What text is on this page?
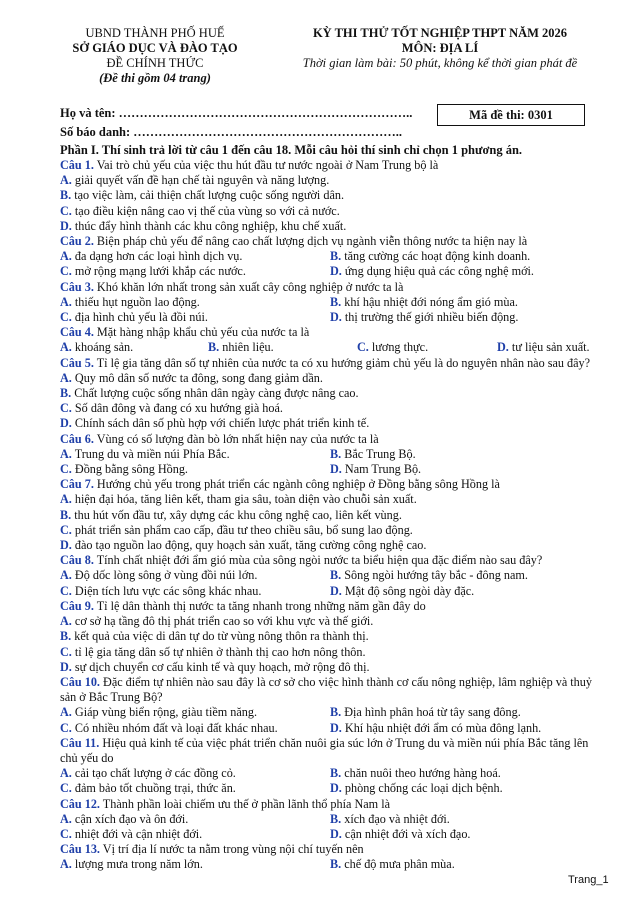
UBND THÀNH PHỐ HUẾ
SỞ GIÁO DỤC VÀ ĐÀO TẠO
ĐỀ CHÍNH THỨC
(Đề thi gồm 04 trang)
KỲ THI THỬ TỐT NGHIỆP THPT NĂM 2026
MÔN: ĐỊA LÍ
Thời gian làm bài: 50 phút, không kể thời gian phát đề
Họ và tên: ……………………………………………………………..
Số báo danh: ………………………………………………………..
Mã đề thi: 0301
Phần I. Thí sinh trả lời từ câu 1 đến câu 18. Mỗi câu hỏi thí sinh chỉ chọn 1 phương án.
Câu 1. Vai trò chủ yếu của việc thu hút đầu tư nước ngoài ở Nam Trung bộ là
A. giải quyết vấn đề hạn chế tài nguyên và năng lượng.
B. tạo việc làm, cải thiện chất lượng cuộc sống người dân.
C. tạo điều kiện nâng cao vị thế của vùng so với cả nước.
D. thúc đẩy hình thành các khu công nghiệp, khu chế xuất.
Câu 2. Biện pháp chủ yếu để nâng cao chất lượng dịch vụ ngành viễn thông nước ta hiện nay là
A. đa dạng hơn các loại hình dịch vụ.	B. tăng cường các hoạt động kinh doanh.
C. mở rộng mạng lưới khắp các nước.	D. ứng dụng hiệu quả các công nghệ mới.
Câu 3. Khó khăn lớn nhất trong sản xuất cây công nghiệp ở nước ta là
A. thiếu hụt nguồn lao động.	B. khí hậu nhiệt đới nóng ẩm gió mùa.
C. địa hình chủ yếu là đồi núi.	D. thị trường thế giới nhiều biến động.
Câu 4. Mặt hàng nhập khẩu chủ yếu của nước ta là
A. khoáng sản.	B. nhiên liệu.	C. lương thực.	D. tư liệu sản xuất.
Câu 5. Tỉ lệ gia tăng dân số tự nhiên của nước ta có xu hướng giảm chủ yếu là do nguyên nhân nào sau đây?
A. Quy mô dân số nước ta đông, song đang giảm dần.
B. Chất lượng cuộc sống nhân dân ngày càng được nâng cao.
C. Số dân đông và đang có xu hướng già hoá.
D. Chính sách dân số phù hợp với chiến lược phát triển kinh tế.
Câu 6. Vùng có số lượng đàn bò lớn nhất hiện nay của nước ta là
A. Trung du và miền núi Phía Bắc.	B. Bắc Trung Bộ.
C. Đồng bằng sông Hồng.	D. Nam Trung Bộ.
Câu 7. Hướng chủ yếu trong phát triển các ngành công nghiệp ở Đồng bằng sông Hồng là
A. hiện đại hóa, tăng liên kết, tham gia sâu, toàn diện vào chuỗi sản xuất.
B. thu hút vốn đầu tư, xây dựng các khu công nghệ cao, liên kết vùng.
C. phát triển sản phẩm cao cấp, đầu tư theo chiều sâu, bổ sung lao động.
D. đào tạo nguồn lao động, quy hoạch sản xuất, tăng cường công nghệ cao.
Câu 8. Tính chất nhiệt đới ẩm gió mùa của sông ngòi nước ta biểu hiện qua đặc điểm nào sau đây?
A. Độ dốc lòng sông ở vùng đồi núi lớn.	B. Sông ngòi hướng tây bắc - đông nam.
C. Diện tích lưu vực các sông khác nhau.	D. Mật độ sông ngòi dày đặc.
Câu 9. Tỉ lệ dân thành thị nước ta tăng nhanh trong những năm gần đây do
A. cơ sở hạ tầng đô thị phát triển cao so với khu vực và thế giới.
B. kết quả của việc di dân tự do từ vùng nông thôn ra thành thị.
C. tỉ lệ gia tăng dân số tự nhiên ở thành thị cao hơn nông thôn.
D. sự dịch chuyển cơ cấu kinh tế và quy hoạch, mở rộng đô thị.
Câu 10. Đặc điểm tự nhiên nào sau đây là cơ sở cho việc hình thành cơ cấu nông nghiệp, lâm nghiệp và thuỷ sản ở Bắc Trung Bộ?
A. Giáp vùng biển rộng, giàu tiềm năng.	B. Địa hình phân hoá từ tây sang đông.
C. Có nhiều nhóm đất và loại đất khác nhau.	D. Khí hậu nhiệt đới ẩm có mùa đông lạnh.
Câu 11. Hiệu quả kinh tế của việc phát triển chăn nuôi gia súc lớn ở Trung du và miền núi phía Bắc tăng lên chủ yếu do
A. cải tạo chất lượng ở các đồng cỏ.	B. chăn nuôi theo hướng hàng hoá.
C. đảm bảo tốt chuồng trại, thức ăn.	D. phòng chống các loại dịch bệnh.
Câu 12. Thành phần loài chiếm ưu thế ở phần lãnh thổ phía Nam là
A. cận xích đạo và ôn đới.	B. xích đạo và nhiệt đới.
C. nhiệt đới và cận nhiệt đới.	D. cận nhiệt đới và xích đạo.
Câu 13. Vị trí địa lí nước ta nằm trong vùng nội chí tuyến nên
A. lượng mưa trong năm lớn.	B. chế độ mưa phân mùa.
Trang_1
